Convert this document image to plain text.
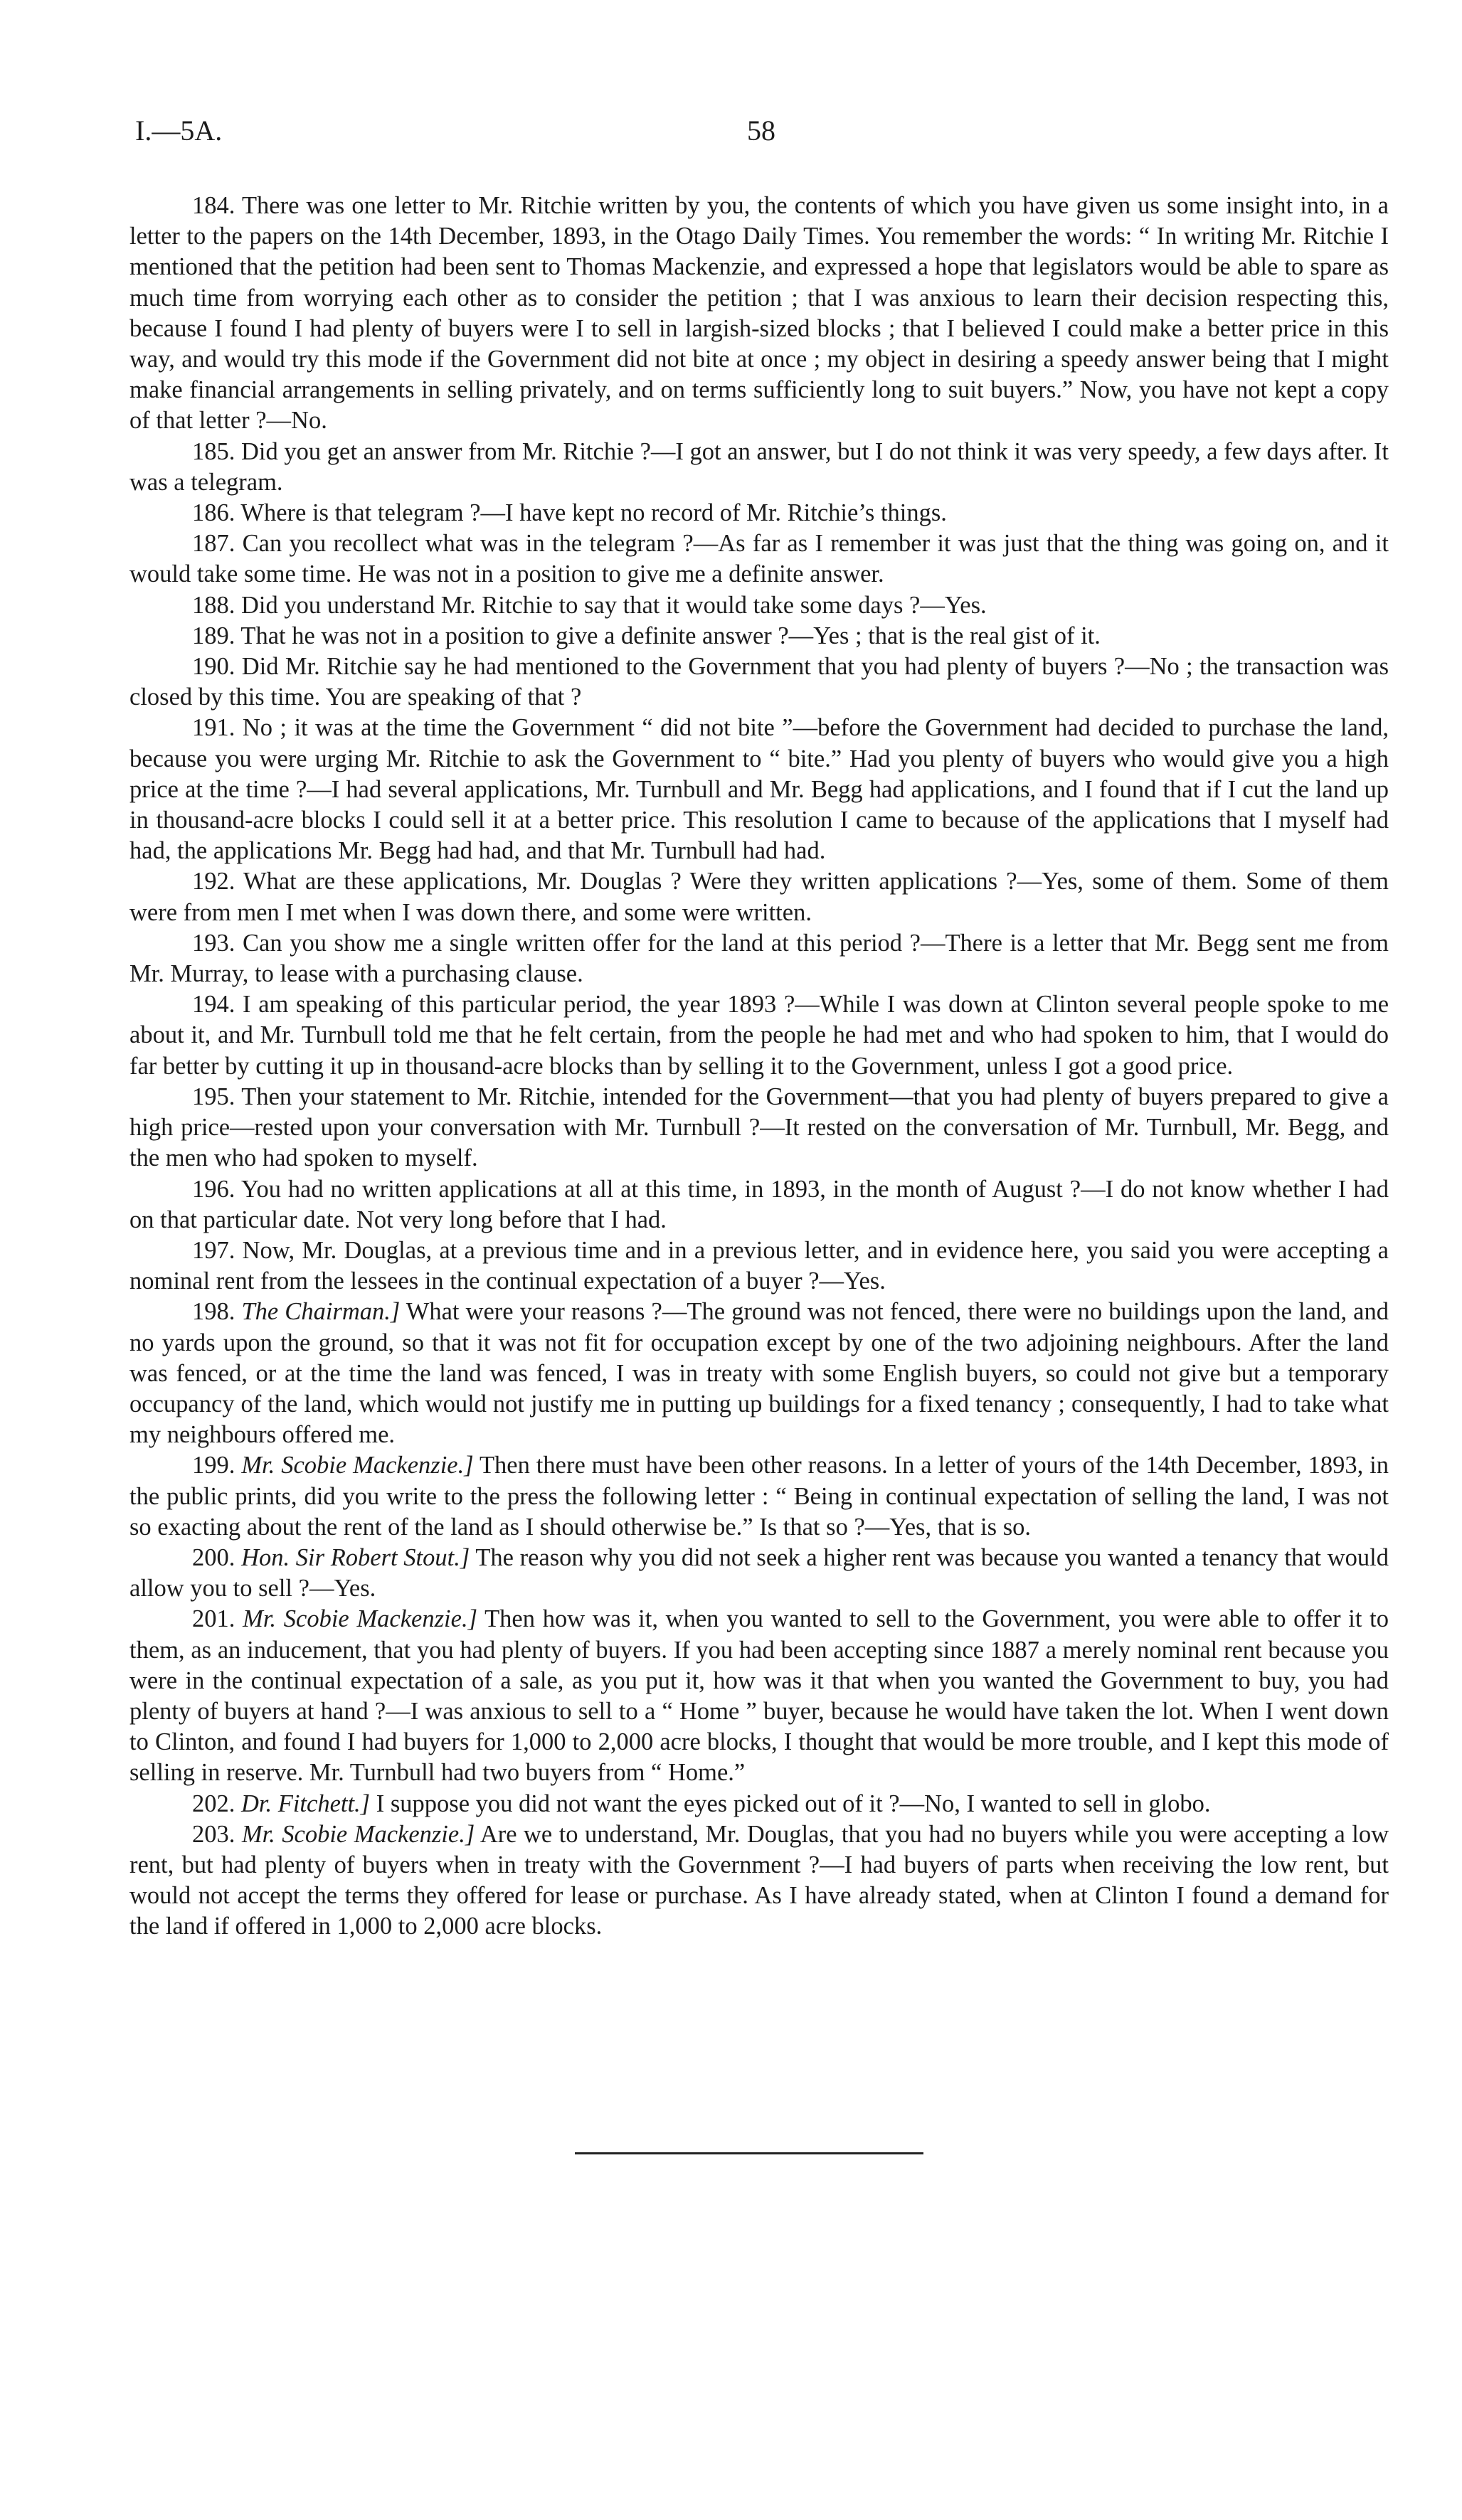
I.—5A.	58

184. There was one letter to Mr. Ritchie written by you, the contents of which you have given us some insight into, in a letter to the papers on the 14th December, 1893, in the Otago Daily Times. You remember the words: “ In writing Mr. Ritchie I mentioned that the petition had been sent to Thomas Mackenzie, and expressed a hope that legislators would be able to spare as much time from worrying each other as to consider the petition ; that I was anxious to learn their decision respecting this, because I found I had plenty of buyers were I to sell in largish-sized blocks ; that I believed I could make a better price in this way, and would try this mode if the Government did not bite at once ; my object in desiring a speedy answer being that I might make financial arrangements in selling privately, and on terms sufficiently long to suit buyers.” Now, you have not kept a copy of that letter ?—No.

185. Did you get an answer from Mr. Ritchie ?—I got an answer, but I do not think it was very speedy, a few days after. It was a telegram.

186. Where is that telegram ?—I have kept no record of Mr. Ritchie’s things.

187. Can you recollect what was in the telegram ?—As far as I remember it was just that the thing was going on, and it would take some time. He was not in a position to give me a definite answer.

188. Did you understand Mr. Ritchie to say that it would take some days ?—Yes.

189. That he was not in a position to give a definite answer ?—Yes ; that is the real gist of it.

190. Did Mr. Ritchie say he had mentioned to the Government that you had plenty of buyers ?—No ; the transaction was closed by this time. You are speaking of that ?

191. No ; it was at the time the Government “ did not bite ”—before the Government had decided to purchase the land, because you were urging Mr. Ritchie to ask the Government to “ bite.” Had you plenty of buyers who would give you a high price at the time ?—I had several applications, Mr. Turnbull and Mr. Begg had applications, and I found that if I cut the land up in thousand-acre blocks I could sell it at a better price. This resolution I came to because of the applications that I myself had had, the applications Mr. Begg had had, and that Mr. Turnbull had had.

192. What are these applications, Mr. Douglas ? Were they written applications ?—Yes, some of them. Some of them were from men I met when I was down there, and some were written.

193. Can you show me a single written offer for the land at this period ?—There is a letter that Mr. Begg sent me from Mr. Murray, to lease with a purchasing clause.

194. I am speaking of this particular period, the year 1893 ?—While I was down at Clinton several people spoke to me about it, and Mr. Turnbull told me that he felt certain, from the people he had met and who had spoken to him, that I would do far better by cutting it up in thousand-acre blocks than by selling it to the Government, unless I got a good price.

195. Then your statement to Mr. Ritchie, intended for the Government—that you had plenty of buyers prepared to give a high price—rested upon your conversation with Mr. Turnbull ?—It rested on the conversation of Mr. Turnbull, Mr. Begg, and the men who had spoken to myself.

196. You had no written applications at all at this time, in 1893, in the month of August ?—I do not know whether I had on that particular date. Not very long before that I had.

197. Now, Mr. Douglas, at a previous time and in a previous letter, and in evidence here, you said you were accepting a nominal rent from the lessees in the continual expectation of a buyer ?—Yes.

198. The Chairman.] What were your reasons ?—The ground was not fenced, there were no buildings upon the land, and no yards upon the ground, so that it was not fit for occupation except by one of the two adjoining neighbours. After the land was fenced, or at the time the land was fenced, I was in treaty with some English buyers, so could not give but a temporary occupancy of the land, which would not justify me in putting up buildings for a fixed tenancy ; consequently, I had to take what my neighbours offered me.

199. Mr. Scobie Mackenzie.] Then there must have been other reasons. In a letter of yours of the 14th December, 1893, in the public prints, did you write to the press the following letter : “ Being in continual expectation of selling the land, I was not so exacting about the rent of the land as I should otherwise be.” Is that so ?—Yes, that is so.

200. Hon. Sir Robert Stout.] The reason why you did not seek a higher rent was because you wanted a tenancy that would allow you to sell ?—Yes.

201. Mr. Scobie Mackenzie.] Then how was it, when you wanted to sell to the Government, you were able to offer it to them, as an inducement, that you had plenty of buyers. If you had been accepting since 1887 a merely nominal rent because you were in the continual expectation of a sale, as you put it, how was it that when you wanted the Government to buy, you had plenty of buyers at hand ?—I was anxious to sell to a “ Home ” buyer, because he would have taken the lot. When I went down to Clinton, and found I had buyers for 1,000 to 2,000 acre blocks, I thought that would be more trouble, and I kept this mode of selling in reserve. Mr. Turnbull had two buyers from “ Home.”

202. Dr. Fitchett.] I suppose you did not want the eyes picked out of it ?—No, I wanted to sell in globo.

203. Mr. Scobie Mackenzie.] Are we to understand, Mr. Douglas, that you had no buyers while you were accepting a low rent, but had plenty of buyers when in treaty with the Government ?—I had buyers of parts when receiving the low rent, but would not accept the terms they offered for lease or purchase. As I have already stated, when at Clinton I found a demand for the land if offered in 1,000 to 2,000 acre blocks.
